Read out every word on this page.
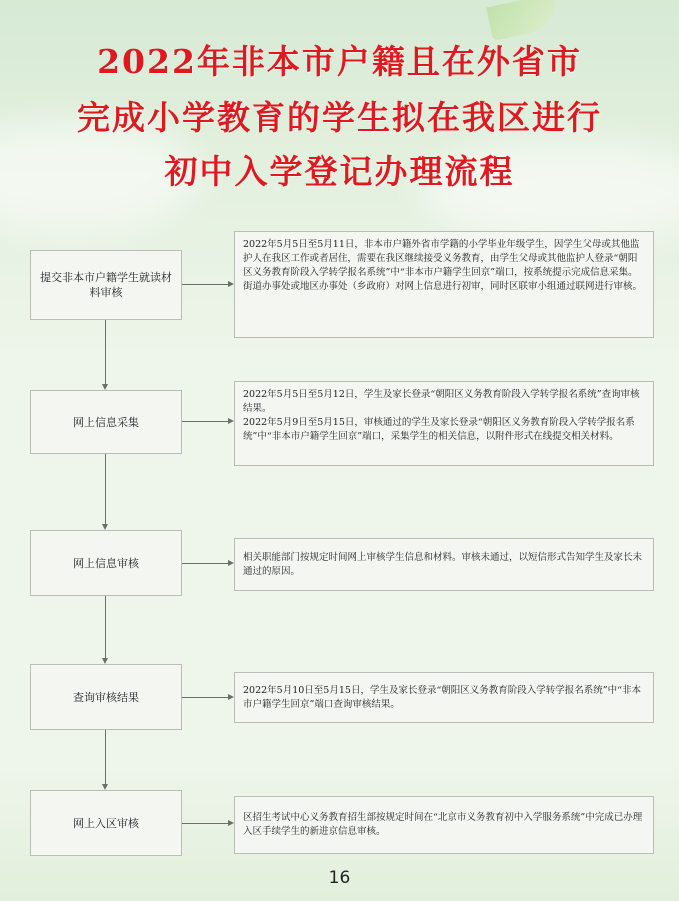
2022年非本市户籍且在外省市
完成小学教育的学生拟在我区进行
初中入学登记办理流程
提交非本市户籍学生就读材料审核

2022年5月5日至5月11日，非本市户籍外省市学籍的小学毕业年级学生，因学生父母或其他监护人在我区工作或者居住，需要在我区继续接受义务教育，由学生父母或其他监护人登录“朝阳区义务教育阶段入学转学报名系统”中“非本市户籍学生回京”端口，按系统提示完成信息采集。

街道办事处或地区办事处（乡政府）对网上信息进行初审，同时区联审小组通过联网进行审核。

网上信息采集

2022年5月5日至5月12日，学生及家长登录“朝阳区义务教育阶段入学转学报名系统”查询审核结果。

2022年5月9日至5月15日，审核通过的学生及家长登录“朝阳区义务教育阶段入学转学报名系统”中“非本市户籍学生回京”端口，采集学生的相关信息，以附件形式在线提交相关材料。

网上信息审核	相关职能部门按规定时间网上审核学生信息和材料。审核未通过，以短信形式告知学生及家长未通过的原因。

查询审核结果

2022年5月10日至5月15日，学生及家长登录“朝阳区义务教育阶段入学转学报名系统”中“非本市户籍学生回京”端口查询审核结果。

网上入区审核	区招生考试中心义务教育招生部按规定时间在“北京市义务教育初中入学服务系统”中完成已办理入区手续学生的新进京信息审核。

16
